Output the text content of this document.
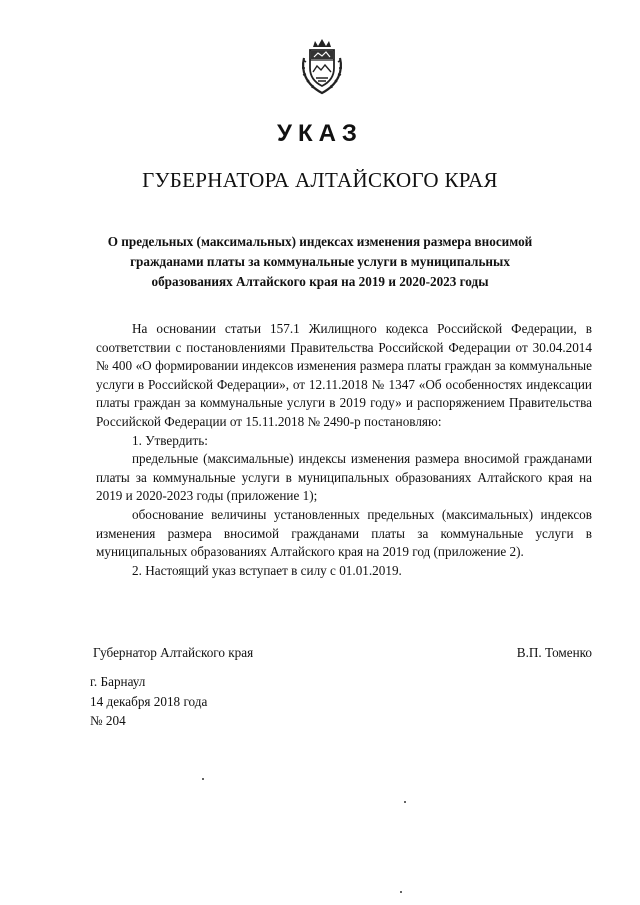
УКАЗ
ГУБЕРНАТОРА АЛТАЙСКОГО КРАЯ
О предельных (максимальных) индексах изменения размера вносимой гражданами платы за коммунальные услуги в муниципальных образованиях Алтайского края на 2019 и 2020-2023 годы

На основании статьи 157.1 Жилищного кодекса Российской Федерации, в соответствии с постановлениями Правительства Российской Федерации от 30.04.2014 № 400 «О формировании индексов изменения размера платы граждан за коммунальные услуги в Российской Федерации», от 12.11.2018 № 1347 «Об особенностях индексации платы граждан за коммунальные услуги в 2019 году» и распоряжением Правительства Российской Федерации от 15.11.2018 № 2490-р постановляю:

1. Утвердить:

предельные (максимальные) индексы изменения размера вносимой гражданами платы за коммунальные услуги в муниципальных образованиях Алтайского края на 2019 и 2020-2023 годы (приложение 1);

обоснование величины установленных предельных (максимальных) индексов изменения размера вносимой гражданами платы за коммунальные услуги в муниципальных образованиях Алтайского края на 2019 год (приложение 2).

2. Настоящий указ вступает в силу с 01.01.2019.

Губернатор Алтайского края	В.П. Томенко
г. Барнаул
14 декабря 2018 года
№ 204
